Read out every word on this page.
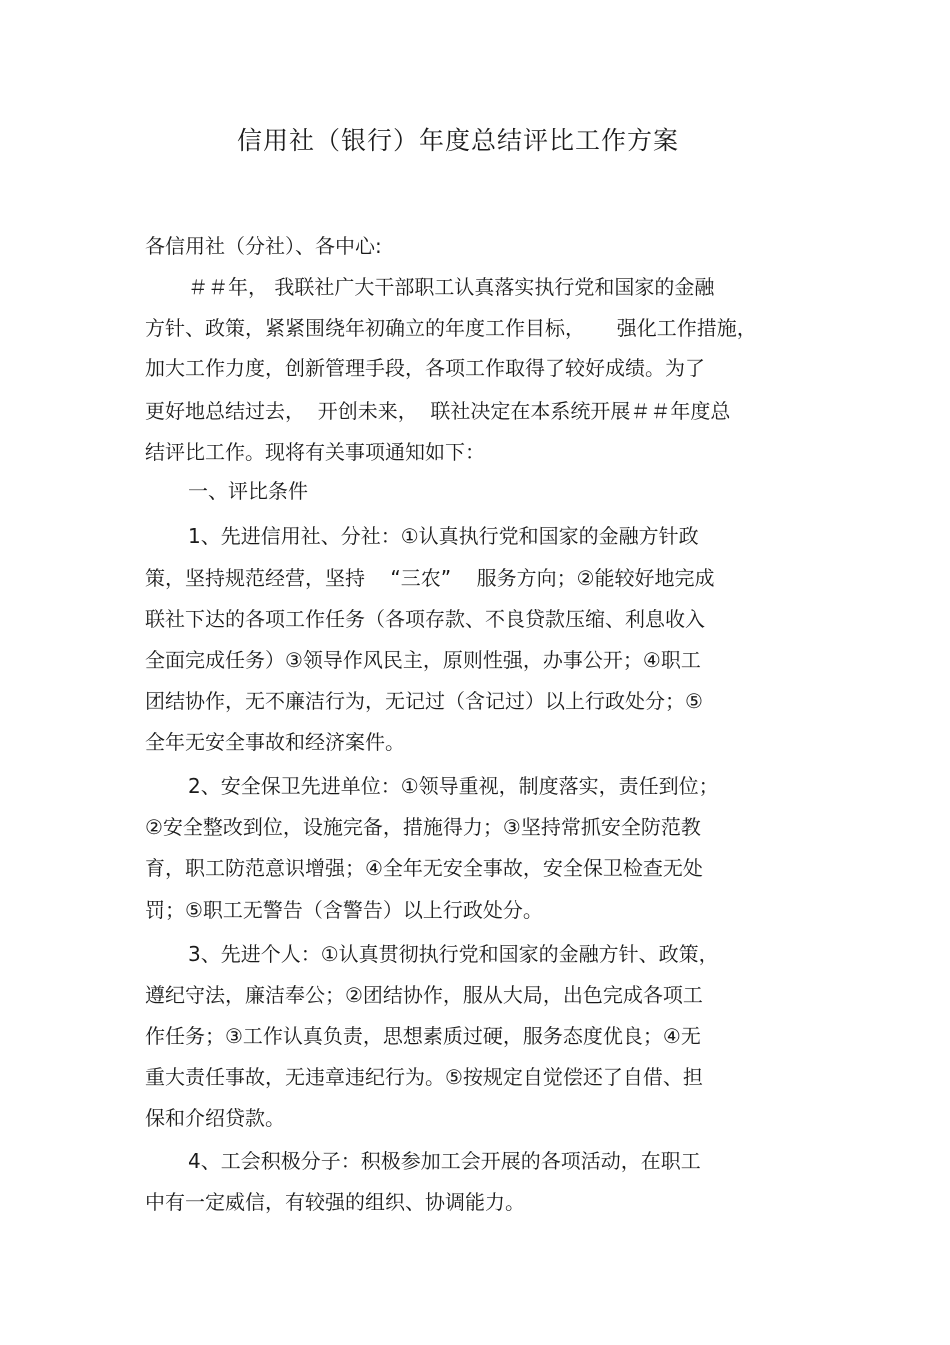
信用社（银行）年度总结评比工作方案
各信用社（分社）、各中心:
＃＃年， 我联社广大干部职工认真落实执行党和国家的金融
方针、政策，紧紧围绕年初确立的年度工作目标，     强化工作措施，
加大工作力度，创新管理手段，各项工作取得了较好成绩。为了
更好地总结过去，  开创未来，  联社决定在本系统开展＃＃年度总
结评比工作。现将有关事项通知如下：
一、评比条件
1、先进信用社、分社：①认真执行党和国家的金融方针政
策，坚持规范经营，坚持    “三农”    服务方向；②能较好地完成
联社下达的各项工作任务（各项存款、不良贷款压缩、利息收入
全面完成任务）③领导作风民主，原则性强，办事公开；④职工
团结协作，无不廉洁行为，无记过（含记过）以上行政处分；⑤
全年无安全事故和经济案件。
2、安全保卫先进单位：①领导重视，制度落实，责任到位；
②安全整改到位，设施完备，措施得力；③坚持常抓安全防范教
育，职工防范意识增强；④全年无安全事故，安全保卫检查无处
罚；⑤职工无警告（含警告）以上行政处分。
3、先进个人：①认真贯彻执行党和国家的金融方针、政策，
遵纪守法，廉洁奉公；②团结协作，服从大局，出色完成各项工
作任务；③工作认真负责，思想素质过硬，服务态度优良；④无
重大责任事故，无违章违纪行为。⑤按规定自觉偿还了自借、担
保和介绍贷款。
4、工会积极分子：积极参加工会开展的各项活动，在职工
中有一定威信，有较强的组织、协调能力。
